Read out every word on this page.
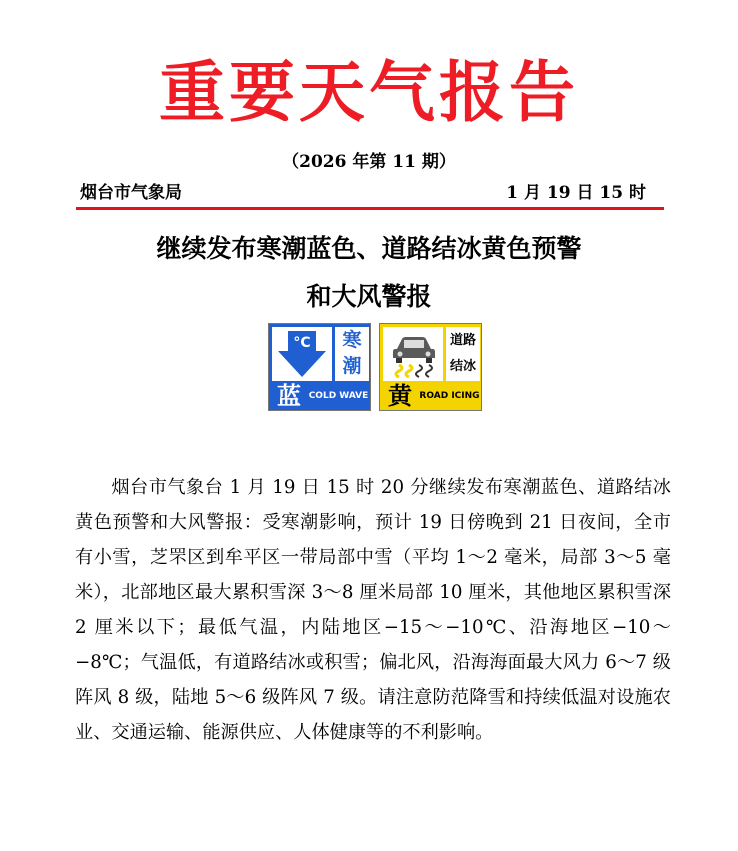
重要天气报告
（2026 年第 11 期）
烟台市气象局	1 月 19 日 15 时
继续发布寒潮蓝色、道路结冰黄色预警
和大风警报
°C	寒
潮
蓝 COLD WAVE
道路
结冰
黄 ROAD ICING

烟台市气象台 1 月 19 日 15 时 20 分继续发布寒潮蓝色、道路结冰黄色预警和大风警报：受寒潮影响，预计 19 日傍晚到 21 日夜间，全市有小雪，芝罘区到牟平区一带局部中雪（平均 1～2 毫米，局部 3～5 毫米），北部地区最大累积雪深 3～8 厘米局部 10 厘米，其他地区累积雪深 2 厘米以下；最低气温，内陆地区−15～−10℃、沿海地区−10～−8℃；气温低，有道路结冰或积雪；偏北风，沿海海面最大风力 6～7 级阵风 8 级，陆地 5～6 级阵风 7 级。请注意防范降雪和持续低温对设施农业、交通运输、能源供应、人体健康等的不利影响。
